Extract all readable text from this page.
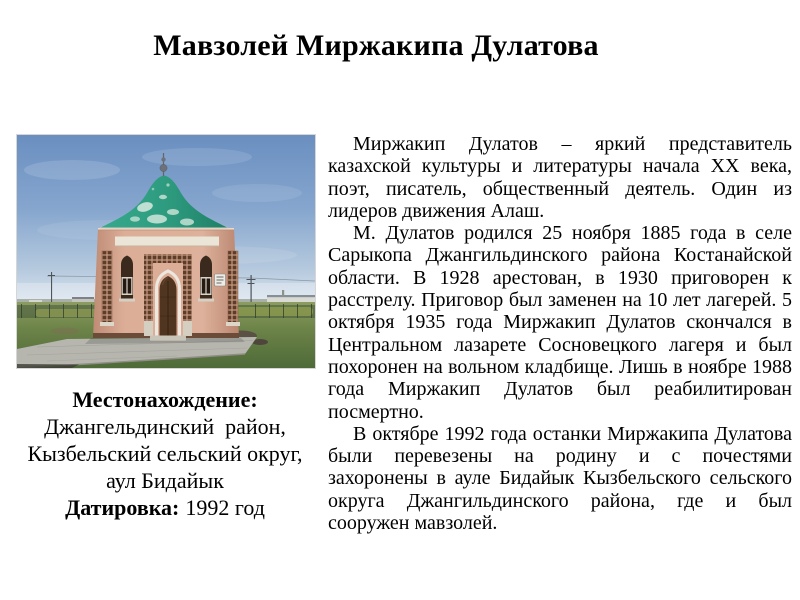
Мавзолей Миржакипа Дулатова
Местонахождение:
Джангельдинский  район,
Кызбельский сельский округ,
аул Бидайык
Датировка: 1992 год

Миржакип Дулатов – яркий представитель казахской культуры и литературы начала XX века, поэт, писатель, общественный деятель. Один из лидеров движения Алаш.

М. Дулатов родился 25 ноября 1885 года в селе Сарыкопа Джангильдинского района Костанайской области. В 1928 арестован, в 1930 приговорен к расстрелу. Приговор был заменен на 10 лет лагерей. 5 октября 1935 года Миржакип Дулатов скончался в Центральном лазарете Сосновецкого лагеря и был похоронен на вольном кладбище. Лишь в ноябре 1988 года Миржакип Дулатов был реабилитирован посмертно.

В октябре 1992 года останки Миржакипа Дулатова были перевезены на родину и с почестями захоронены в ауле Бидайык Кызбельского сельского округа Джангильдинского района, где и был сооружен мавзолей.
